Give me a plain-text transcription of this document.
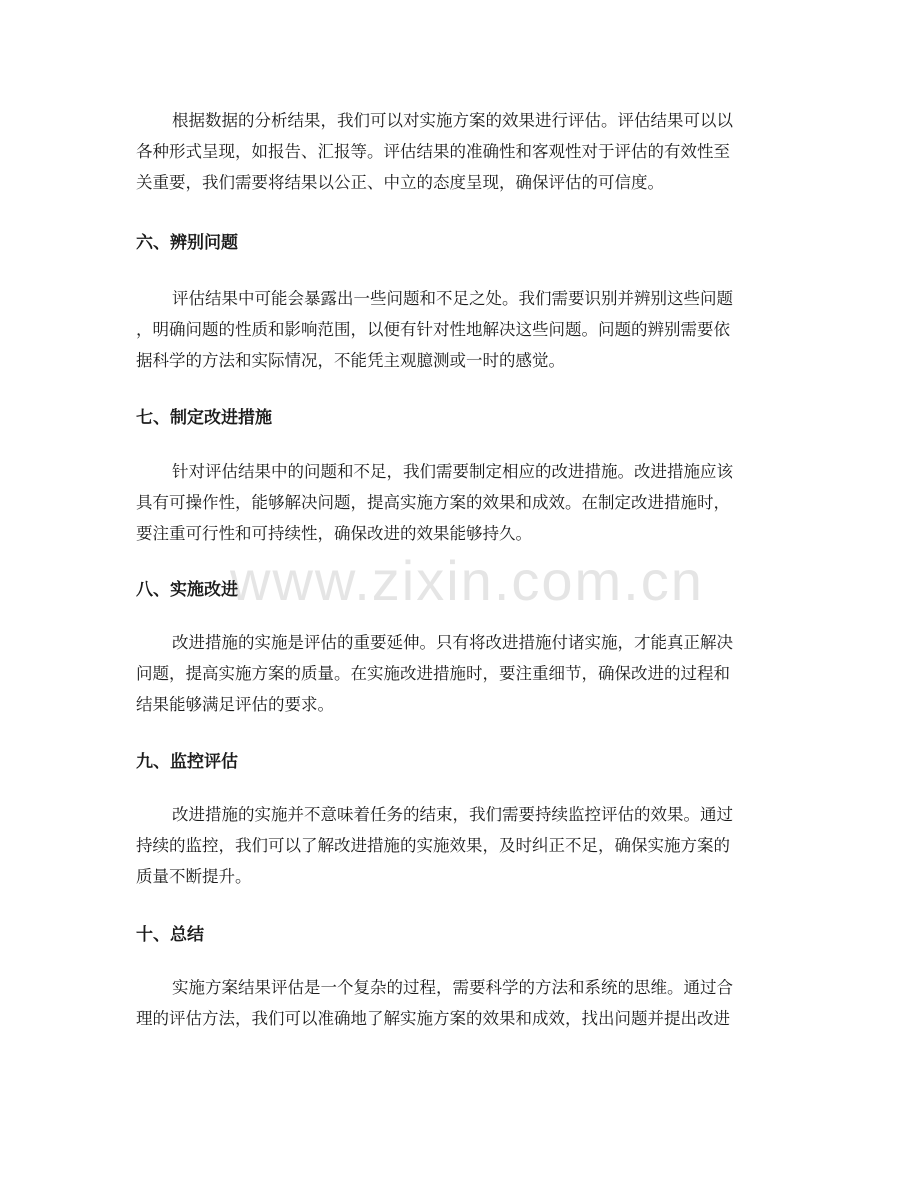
www.zixin.com.cn
根据数据的分析结果，我们可以对实施方案的效果进行评估。评估结果可以以
各种形式呈现，如报告、汇报等。评估结果的准确性和客观性对于评估的有效性至
关重要，我们需要将结果以公正、中立的态度呈现，确保评估的可信度。
六、辨别问题
评估结果中可能会暴露出一些问题和不足之处。我们需要识别并辨别这些问题
，明确问题的性质和影响范围，以便有针对性地解决这些问题。问题的辨别需要依
据科学的方法和实际情况，不能凭主观臆测或一时的感觉。
七、制定改进措施
针对评估结果中的问题和不足，我们需要制定相应的改进措施。改进措施应该
具有可操作性，能够解决问题，提高实施方案的效果和成效。在制定改进措施时，
要注重可行性和可持续性，确保改进的效果能够持久。
八、实施改进
改进措施的实施是评估的重要延伸。只有将改进措施付诸实施，才能真正解决
问题，提高实施方案的质量。在实施改进措施时，要注重细节，确保改进的过程和
结果能够满足评估的要求。
九、监控评估
改进措施的实施并不意味着任务的结束，我们需要持续监控评估的效果。通过
持续的监控，我们可以了解改进措施的实施效果，及时纠正不足，确保实施方案的
质量不断提升。
十、总结
实施方案结果评估是一个复杂的过程，需要科学的方法和系统的思维。通过合
理的评估方法，我们可以准确地了解实施方案的效果和成效，找出问题并提出改进
